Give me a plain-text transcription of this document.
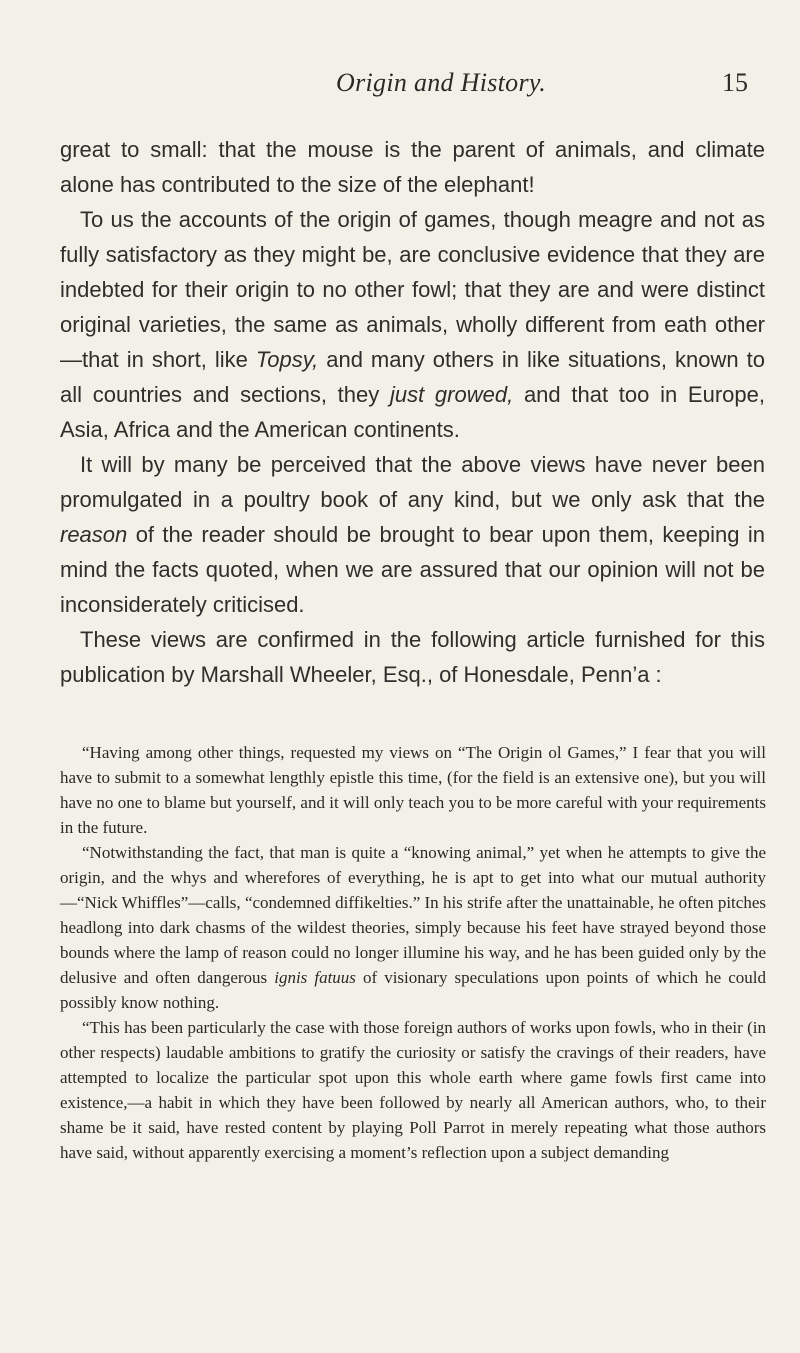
Origin and History.	15

great to small: that the mouse is the parent of animals, and climate alone has contributed to the size of the elephant!

To us the accounts of the origin of games, though meagre and not as fully satisfactory as they might be, are conclusive evidence that they are indebted for their origin to no other fowl; that they are and were distinct original varieties, the same as animals, wholly different from eath other—that in short, like Topsy, and many others in like situations, known to all countries and sections, they just growed, and that too in Europe, Asia, Africa and the American continents.

It will by many be perceived that the above views have never been promulgated in a poultry book of any kind, but we only ask that the reason of the reader should be brought to bear upon them, keeping in mind the facts quoted, when we are assured that our opinion will not be inconsiderately criticised.

These views are confirmed in the following article furnished for this publication by Marshall Wheeler, Esq., of Honesdale, Penn’a :

“Having among other things, requested my views on “The Origin ol Games,” I fear that you will have to submit to a somewhat lengthly epistle this time, (for the field is an extensive one), but you will have no one to blame but yourself, and it will only teach you to be more careful with your requirements in the future.

“Notwithstanding the fact, that man is quite a “knowing animal,” yet when he attempts to give the origin, and the whys and wherefores of everything, he is apt to get into what our mutual authority—“Nick Whiffles”—calls, “condemned diffikelties.” In his strife after the unattainable, he often pitches headlong into dark chasms of the wildest theories, simply because his feet have strayed beyond those bounds where the lamp of reason could no longer illumine his way, and he has been guided only by the delusive and often dangerous ignis fatuus of visionary speculations upon points of which he could possibly know nothing.

“This has been particularly the case with those foreign authors of works upon fowls, who in their (in other respects) laudable ambitions to gratify the curiosity or satisfy the cravings of their readers, have attempted to localize the particular spot upon this whole earth where game fowls first came into existence,—a habit in which they have been followed by nearly all American authors, who, to their shame be it said, have rested content by playing Poll Parrot in merely repeating what those authors have said, without apparently exercising a moment’s reflection upon a subject demanding
